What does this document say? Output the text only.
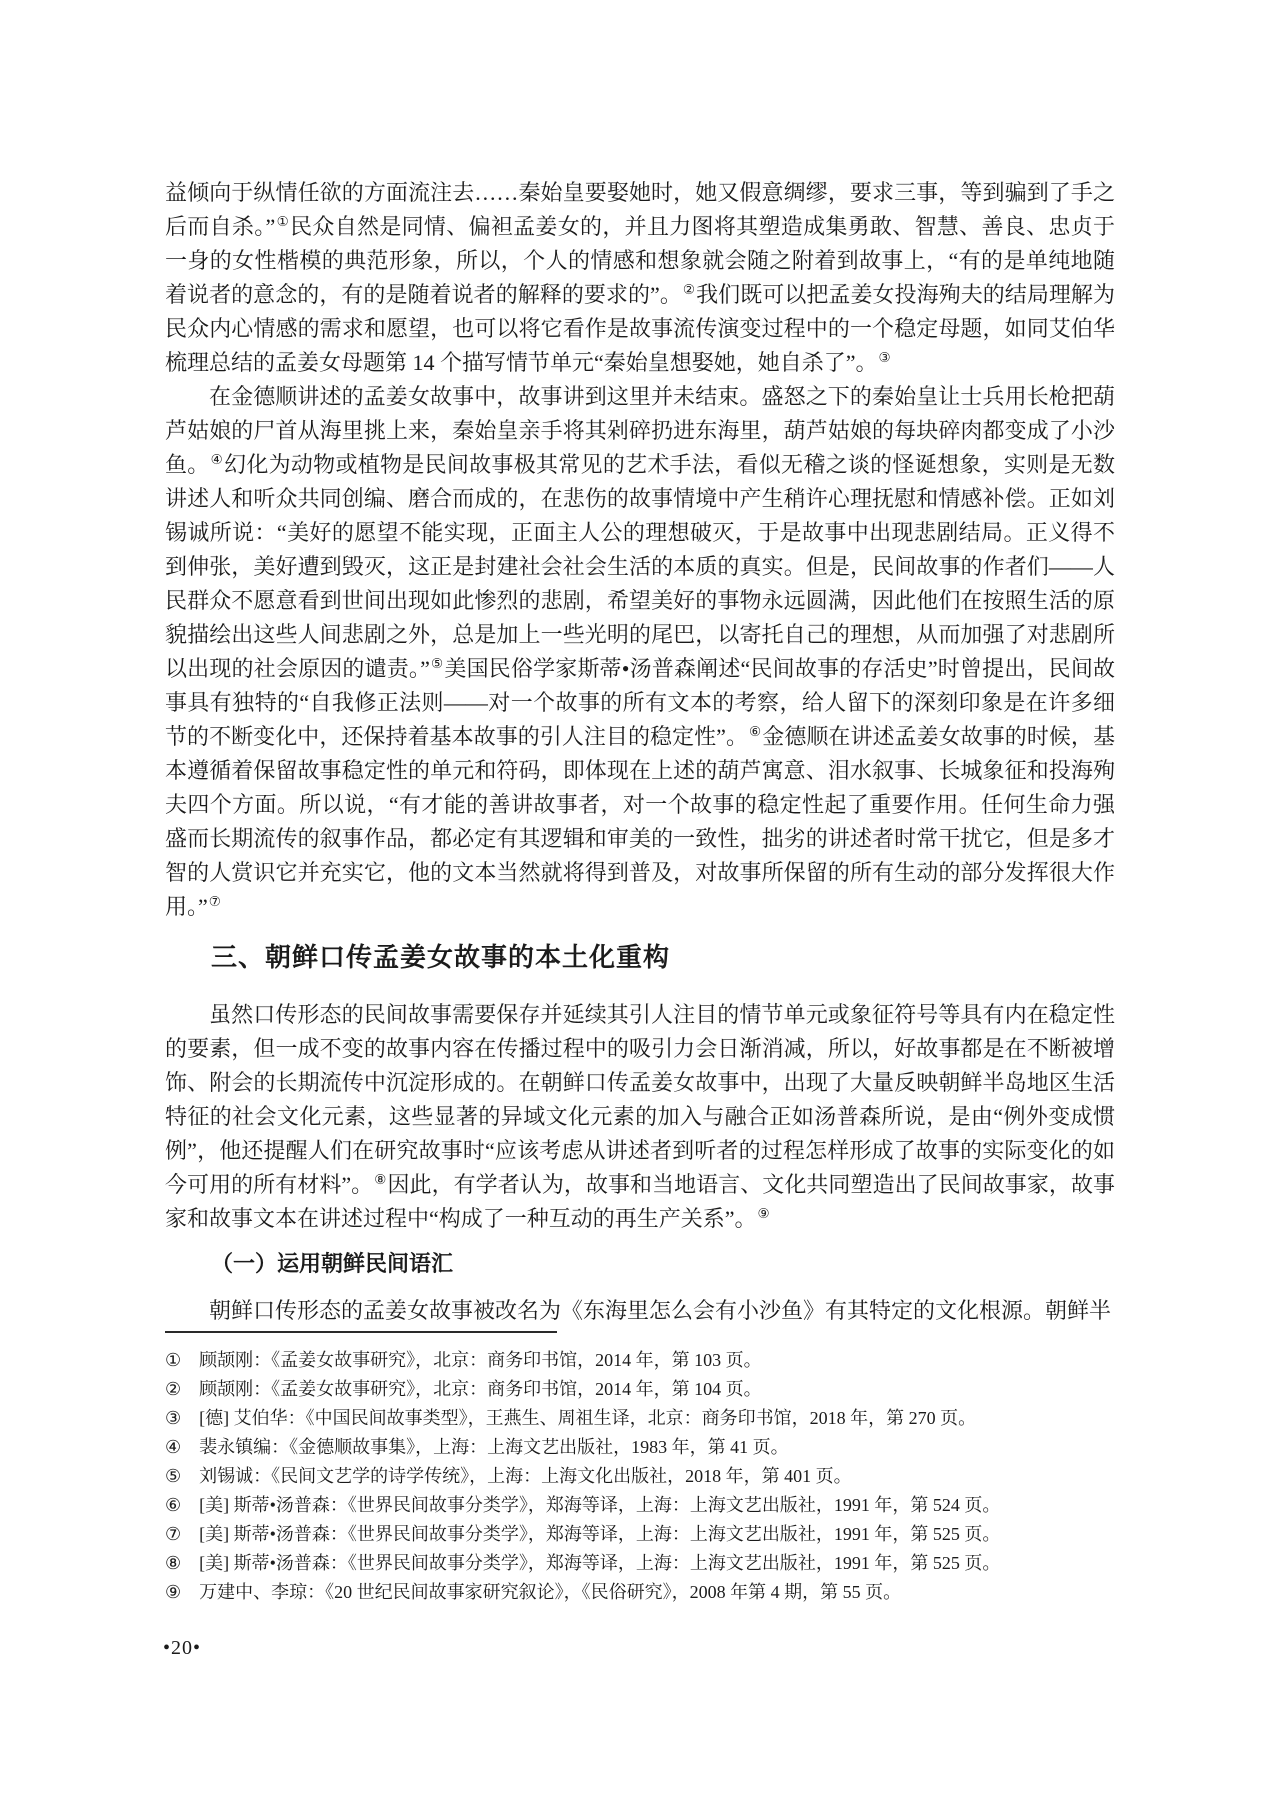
益倾向于纵情任欲的方面流注去……秦始皇要娶她时，她又假意绸缪，要求三事，等到骗到了手之后而自杀。”①民众自然是同情、偏袒孟姜女的，并且力图将其塑造成集勇敢、智慧、善良、忠贞于一身的女性楷模的典范形象，所以，个人的情感和想象就会随之附着到故事上，“有的是单纯地随着说者的意念的，有的是随着说者的解释的要求的”。②我们既可以把孟姜女投海殉夫的结局理解为民众内心情感的需求和愿望，也可以将它看作是故事流传演变过程中的一个稳定母题，如同艾伯华梳理总结的孟姜女母题第 14 个描写情节单元“秦始皇想娶她，她自杀了”。③

在金德顺讲述的孟姜女故事中，故事讲到这里并未结束。盛怒之下的秦始皇让士兵用长枪把葫芦姑娘的尸首从海里挑上来，秦始皇亲手将其剁碎扔进东海里，葫芦姑娘的每块碎肉都变成了小沙鱼。④幻化为动物或植物是民间故事极其常见的艺术手法，看似无稽之谈的怪诞想象，实则是无数讲述人和听众共同创编、磨合而成的，在悲伤的故事情境中产生稍许心理抚慰和情感补偿。正如刘锡诚所说：“美好的愿望不能实现，正面主人公的理想破灭，于是故事中出现悲剧结局。正义得不到伸张，美好遭到毁灭，这正是封建社会社会生活的本质的真实。但是，民间故事的作者们——人民群众不愿意看到世间出现如此惨烈的悲剧，希望美好的事物永远圆满，因此他们在按照生活的原貌描绘出这些人间悲剧之外，总是加上一些光明的尾巴，以寄托自己的理想，从而加强了对悲剧所以出现的社会原因的谴责。”⑤美国民俗学家斯蒂•汤普森阐述“民间故事的存活史”时曾提出，民间故事具有独特的“自我修正法则——对一个故事的所有文本的考察，给人留下的深刻印象是在许多细节的不断变化中，还保持着基本故事的引人注目的稳定性”。⑥金德顺在讲述孟姜女故事的时候，基本遵循着保留故事稳定性的单元和符码，即体现在上述的葫芦寓意、泪水叙事、长城象征和投海殉夫四个方面。所以说，“有才能的善讲故事者，对一个故事的稳定性起了重要作用。任何生命力强盛而长期流传的叙事作品，都必定有其逻辑和审美的一致性，拙劣的讲述者时常干扰它，但是多才智的人赏识它并充实它，他的文本当然就将得到普及，对故事所保留的所有生动的部分发挥很大作用。”⑦

三、朝鲜口传孟姜女故事的本土化重构

虽然口传形态的民间故事需要保存并延续其引人注目的情节单元或象征符号等具有内在稳定性的要素，但一成不变的故事内容在传播过程中的吸引力会日渐消减，所以，好故事都是在不断被增饰、附会的长期流传中沉淀形成的。在朝鲜口传孟姜女故事中，出现了大量反映朝鲜半岛地区生活特征的社会文化元素，这些显著的异域文化元素的加入与融合正如汤普森所说，是由“例外变成惯例”，他还提醒人们在研究故事时“应该考虑从讲述者到听者的过程怎样形成了故事的实际变化的如今可用的所有材料”。⑧因此，有学者认为，故事和当地语言、文化共同塑造出了民间故事家，故事家和故事文本在讲述过程中“构成了一种互动的再生产关系”。⑨

（一）运用朝鲜民间语汇

朝鲜口传形态的孟姜女故事被改名为《东海里怎么会有小沙鱼》有其特定的文化根源。朝鲜半

① 顾颉刚：《孟姜女故事研究》，北京：商务印书馆，2014 年，第 103 页。
② 顾颉刚：《孟姜女故事研究》，北京：商务印书馆，2014 年，第 104 页。
③ [德] 艾伯华：《中国民间故事类型》，王燕生、周祖生译，北京：商务印书馆，2018 年，第 270 页。
④ 裴永镇编：《金德顺故事集》，上海：上海文艺出版社，1983 年，第 41 页。
⑤ 刘锡诚：《民间文艺学的诗学传统》，上海：上海文化出版社，2018 年，第 401 页。
⑥ [美] 斯蒂•汤普森：《世界民间故事分类学》，郑海等译，上海：上海文艺出版社，1991 年，第 524 页。
⑦ [美] 斯蒂•汤普森：《世界民间故事分类学》，郑海等译，上海：上海文艺出版社，1991 年，第 525 页。
⑧ [美] 斯蒂•汤普森：《世界民间故事分类学》，郑海等译，上海：上海文艺出版社，1991 年，第 525 页。
⑨ 万建中、李琼：《20 世纪民间故事家研究叙论》，《民俗研究》，2008 年第 4 期，第 55 页。
•20•
